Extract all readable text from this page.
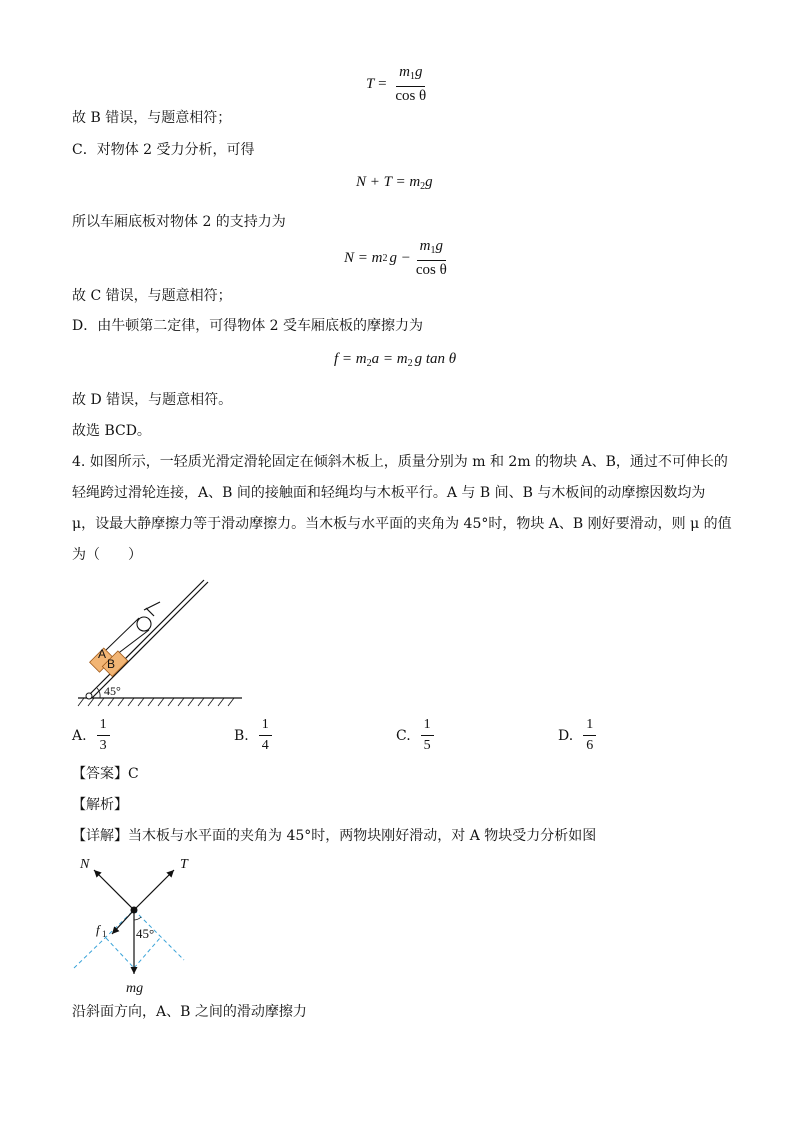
$T = \frac{m_1g}{\text{cos θ}}$
故 B 错误，与题意相符；
C．对物体 2 受力分析，可得
$N + T = m_2g$
所以车厢底板对物体 2 的支持力为
N = m 2 $g - \frac{m_1g}{\text{cos θ}}$
故 C 错误，与题意相符；
D．由牛顿第二定律，可得物体 2 受车厢底板的摩擦力为
$f = m_2a = m_2$ g tan θ
故 D 错误，与题意相符。
故选 BCD。
4. 如图所示，一轻质光滑定滑轮固定在倾斜木板上，质量分别为 m 和 2m 的物块 A、B，通过不可伸长的
轻绳跨过滑轮连接，A、B 间的接触面和轻绳均与木板平行。A 与 B 间、B 与木板间的动摩擦因数均为
μ，设最大静摩擦力等于滑动摩擦力。当木板与水平面的夹角为 45°时，物块 A、B 刚好要滑动，则 μ 的值
为（　　）
A
B
45°
A. $\frac{1}{3}$	B. $\frac{1}{4}$	C. $\frac{1}{5}$	D. $\frac{1}{6}$
【答案】C
【解析】
【详解】当木板与水平面的夹角为 45°时，两物块刚好滑动，对 A 物块受力分析如图
N	T
f 1 45°
mg
沿斜面方向，A、B 之间的滑动摩擦力
